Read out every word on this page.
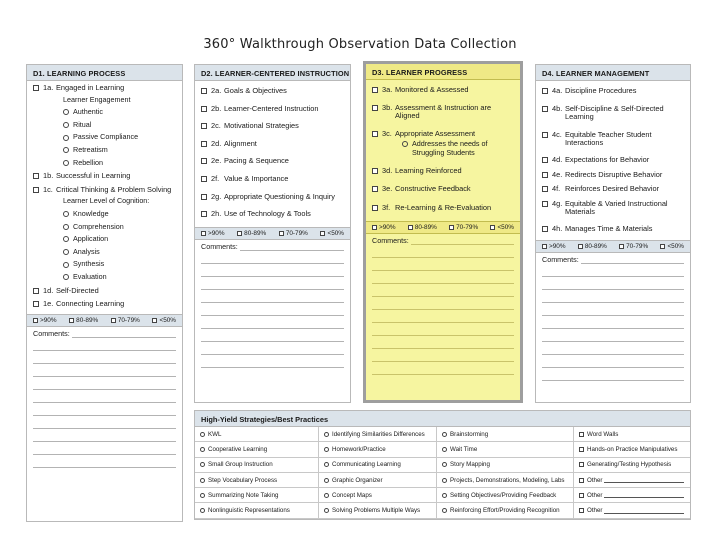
360° Walkthrough Observation Data Collection
D1. LEARNING PROCESS
1a. Engaged in Learning
Learner Engagement
Authentic
Ritual
Passive Compliance
Retreatism
Rebellion
1b. Successful in Learning
1c. Critical Thinking & Problem Solving
Learner Level of Cognition:
Knowledge
Comprehension
Application
Analysis
Synthesis
Evaluation
1d. Self-Directed
1e. Connecting Learning
>90%	80-89%	70-79%	<50%
Comments:
D2. LEARNER-CENTERED INSTRUCTION
2a. Goals & Objectives
2b. Learner-Centered Instruction
2c. Motivational Strategies
2d. Alignment
2e. Pacing & Sequence
2f. Value & Importance
2g. Appropriate Questioning & Inquiry
2h. Use of Technology & Tools
>90%	80-89%	70-79%	<50%
Comments:
D3. LEARNER PROGRESS
3a. Monitored & Assessed
3b. Assessment & Instruction are Aligned
3c. Appropriate Assessment
Addresses the needs of Struggling Students
3d. Learning Reinforced
3e. Constructive Feedback
3f. Re-Learning & Re-Evaluation
>90%	80-89%	70-79%	<50%
Comments:
D4. LEARNER MANAGEMENT
4a. Discipline Procedures
4b. Self-Discipline & Self-Directed Learning
4c. Equitable Teacher Student Interactions
4d. Expectations for Behavior
4e. Redirects Disruptive Behavior
4f. Reinforces Desired Behavior
4g. Equitable & Varied Instructional Materials
4h. Manages Time & Materials
>90%	80-89%	70-79%	<50%
Comments:
High-Yield Strategies/Best Practices
KWL	Identifying Similarities Differences	Brainstorming	Word Walls
Cooperative Learning	Homework/Practice	Wait Time	Hands-on Practice Manipulatives
Small Group Instruction	Communicating Learning	Story Mapping	Generating/Testing Hypothesis
Step Vocabulary Process	Graphic Organizer	Projects, Demonstrations, Modeling, Labs	Other
Summarizing Note Taking	Concept Maps	Setting Objectives/Providing Feedback	Other
Nonlinguistic Representations	Solving Problems Multiple Ways	Reinforcing Effort/Providing Recognition	Other
